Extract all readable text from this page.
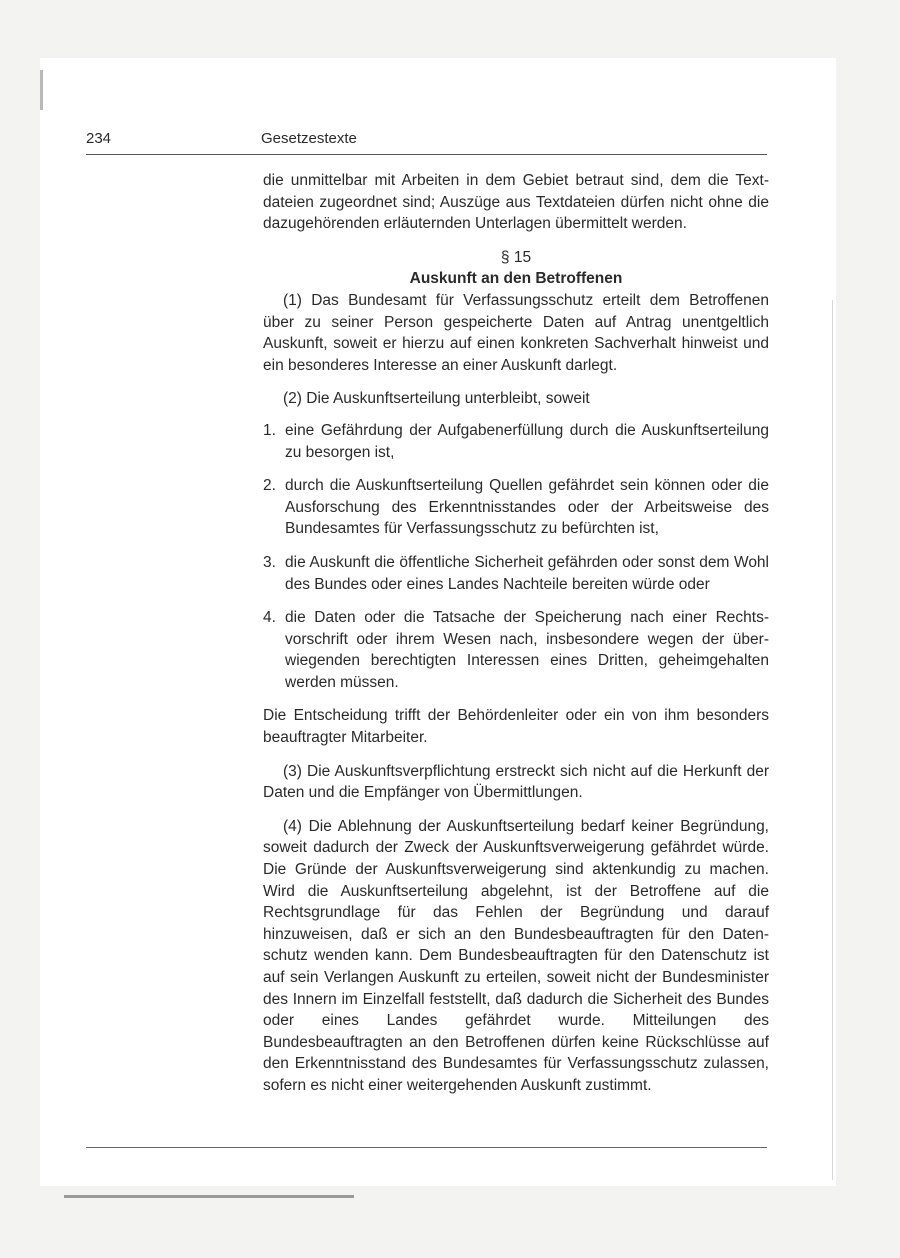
234	Gesetzestexte

die unmittelbar mit Arbeiten in dem Gebiet betraut sind, dem die Textdateien zugeordnet sind; Auszüge aus Textdateien dürfen nicht ohne die dazugehörenden erläuternden Unterlagen übermittelt werden.

§ 15

Auskunft an den Betroffenen

(1) Das Bundesamt für Verfassungsschutz erteilt dem Betroffenen über zu seiner Person gespeicherte Daten auf Antrag unentgeltlich Auskunft, soweit er hierzu auf einen konkreten Sachverhalt hinweist und ein besonderes Interesse an einer Auskunft darlegt.

(2) Die Auskunftserteilung unterbleibt, soweit

1. eine Gefährdung der Aufgabenerfüllung durch die Auskunftserteilung zu besorgen ist,
2. durch die Auskunftserteilung Quellen gefährdet sein können oder die Ausforschung des Erkenntnisstandes oder der Arbeitsweise des Bundesamtes für Verfassungsschutz zu befürchten ist,
3. die Auskunft die öffentliche Sicherheit gefährden oder sonst dem Wohl des Bundes oder eines Landes Nachteile bereiten würde oder
4. die Daten oder die Tatsache der Speicherung nach einer Rechtsvorschrift oder ihrem Wesen nach, insbesondere wegen der überwiegenden berechtigten Interessen eines Dritten, geheimgehalten werden müssen.

Die Entscheidung trifft der Behördenleiter oder ein von ihm besonders beauftragter Mitarbeiter.

(3) Die Auskunftsverpflichtung erstreckt sich nicht auf die Herkunft der Daten und die Empfänger von Übermittlungen.

(4) Die Ablehnung der Auskunftserteilung bedarf keiner Begründung, soweit dadurch der Zweck der Auskunftsverweigerung gefährdet würde. Die Gründe der Auskunftsverweigerung sind aktenkundig zu machen. Wird die Auskunftserteilung abgelehnt, ist der Betroffene auf die Rechtsgrundlage für das Fehlen der Begründung und darauf hinzuweisen, daß er sich an den Bundesbeauftragten für den Datenschutz wenden kann. Dem Bundesbeauftragten für den Datenschutz ist auf sein Verlangen Auskunft zu erteilen, soweit nicht der Bundesminister des Innern im Einzelfall feststellt, daß dadurch die Sicherheit des Bundes oder eines Landes gefährdet wurde. Mitteilungen des Bundesbeauftragten an den Betroffenen dürfen keine Rückschlüsse auf den Erkenntnisstand des Bundesamtes für Verfassungsschutz zulassen, sofern es nicht einer weitergehenden Auskunft zustimmt.
